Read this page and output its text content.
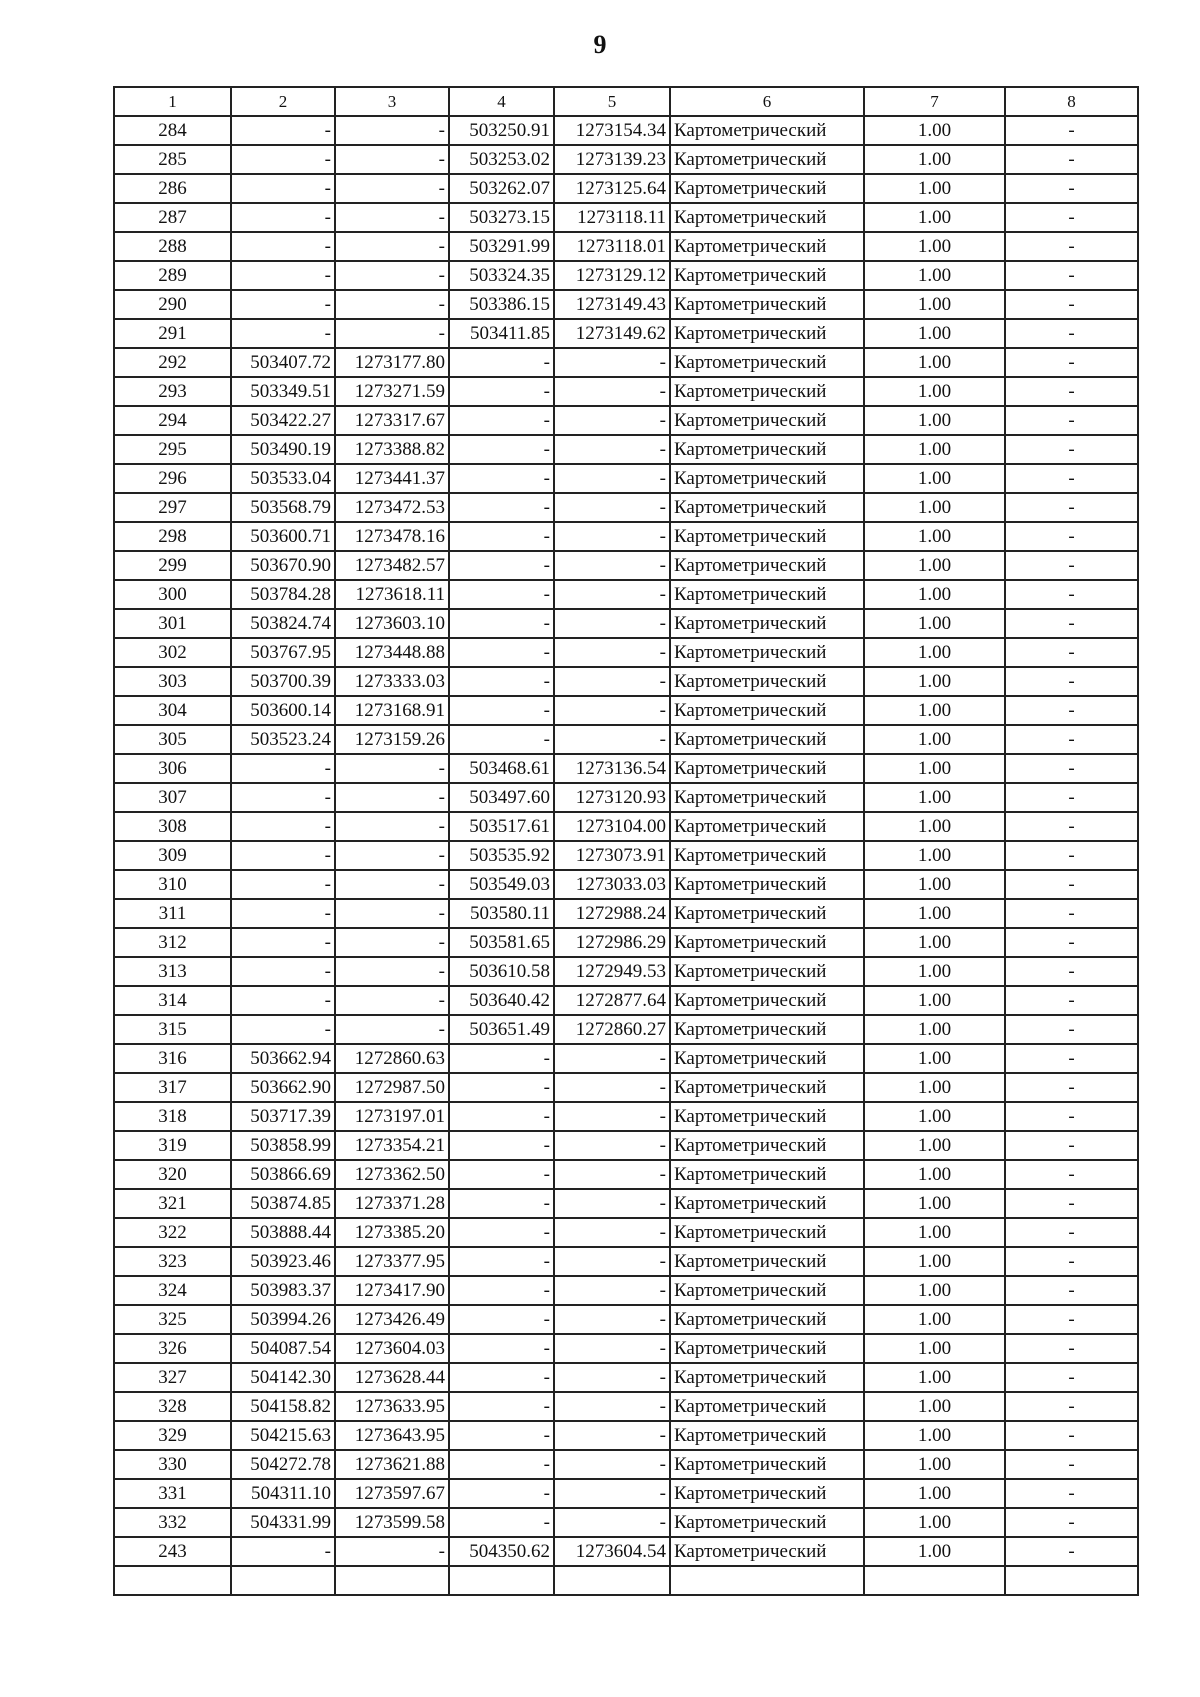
9
1	2	3	4	5	6	7	8
284	-	-	503250.91	1273154.34	Картометрический	1.00	-
285	-	-	503253.02	1273139.23	Картометрический	1.00	-
286	-	-	503262.07	1273125.64	Картометрический	1.00	-
287	-	-	503273.15	1273118.11	Картометрический	1.00	-
288	-	-	503291.99	1273118.01	Картометрический	1.00	-
289	-	-	503324.35	1273129.12	Картометрический	1.00	-
290	-	-	503386.15	1273149.43	Картометрический	1.00	-
291	-	-	503411.85	1273149.62	Картометрический	1.00	-
292	503407.72	1273177.80	-	-	Картометрический	1.00	-
293	503349.51	1273271.59	-	-	Картометрический	1.00	-
294	503422.27	1273317.67	-	-	Картометрический	1.00	-
295	503490.19	1273388.82	-	-	Картометрический	1.00	-
296	503533.04	1273441.37	-	-	Картометрический	1.00	-
297	503568.79	1273472.53	-	-	Картометрический	1.00	-
298	503600.71	1273478.16	-	-	Картометрический	1.00	-
299	503670.90	1273482.57	-	-	Картометрический	1.00	-
300	503784.28	1273618.11	-	-	Картометрический	1.00	-
301	503824.74	1273603.10	-	-	Картометрический	1.00	-
302	503767.95	1273448.88	-	-	Картометрический	1.00	-
303	503700.39	1273333.03	-	-	Картометрический	1.00	-
304	503600.14	1273168.91	-	-	Картометрический	1.00	-
305	503523.24	1273159.26	-	-	Картометрический	1.00	-
306	-	-	503468.61	1273136.54	Картометрический	1.00	-
307	-	-	503497.60	1273120.93	Картометрический	1.00	-
308	-	-	503517.61	1273104.00	Картометрический	1.00	-
309	-	-	503535.92	1273073.91	Картометрический	1.00	-
310	-	-	503549.03	1273033.03	Картометрический	1.00	-
311	-	-	503580.11	1272988.24	Картометрический	1.00	-
312	-	-	503581.65	1272986.29	Картометрический	1.00	-
313	-	-	503610.58	1272949.53	Картометрический	1.00	-
314	-	-	503640.42	1272877.64	Картометрический	1.00	-
315	-	-	503651.49	1272860.27	Картометрический	1.00	-
316	503662.94	1272860.63	-	-	Картометрический	1.00	-
317	503662.90	1272987.50	-	-	Картометрический	1.00	-
318	503717.39	1273197.01	-	-	Картометрический	1.00	-
319	503858.99	1273354.21	-	-	Картометрический	1.00	-
320	503866.69	1273362.50	-	-	Картометрический	1.00	-
321	503874.85	1273371.28	-	-	Картометрический	1.00	-
322	503888.44	1273385.20	-	-	Картометрический	1.00	-
323	503923.46	1273377.95	-	-	Картометрический	1.00	-
324	503983.37	1273417.90	-	-	Картометрический	1.00	-
325	503994.26	1273426.49	-	-	Картометрический	1.00	-
326	504087.54	1273604.03	-	-	Картометрический	1.00	-
327	504142.30	1273628.44	-	-	Картометрический	1.00	-
328	504158.82	1273633.95	-	-	Картометрический	1.00	-
329	504215.63	1273643.95	-	-	Картометрический	1.00	-
330	504272.78	1273621.88	-	-	Картометрический	1.00	-
331	504311.10	1273597.67	-	-	Картометрический	1.00	-
332	504331.99	1273599.58	-	-	Картометрический	1.00	-
243	-	-	504350.62	1273604.54	Картометрический	1.00	-
